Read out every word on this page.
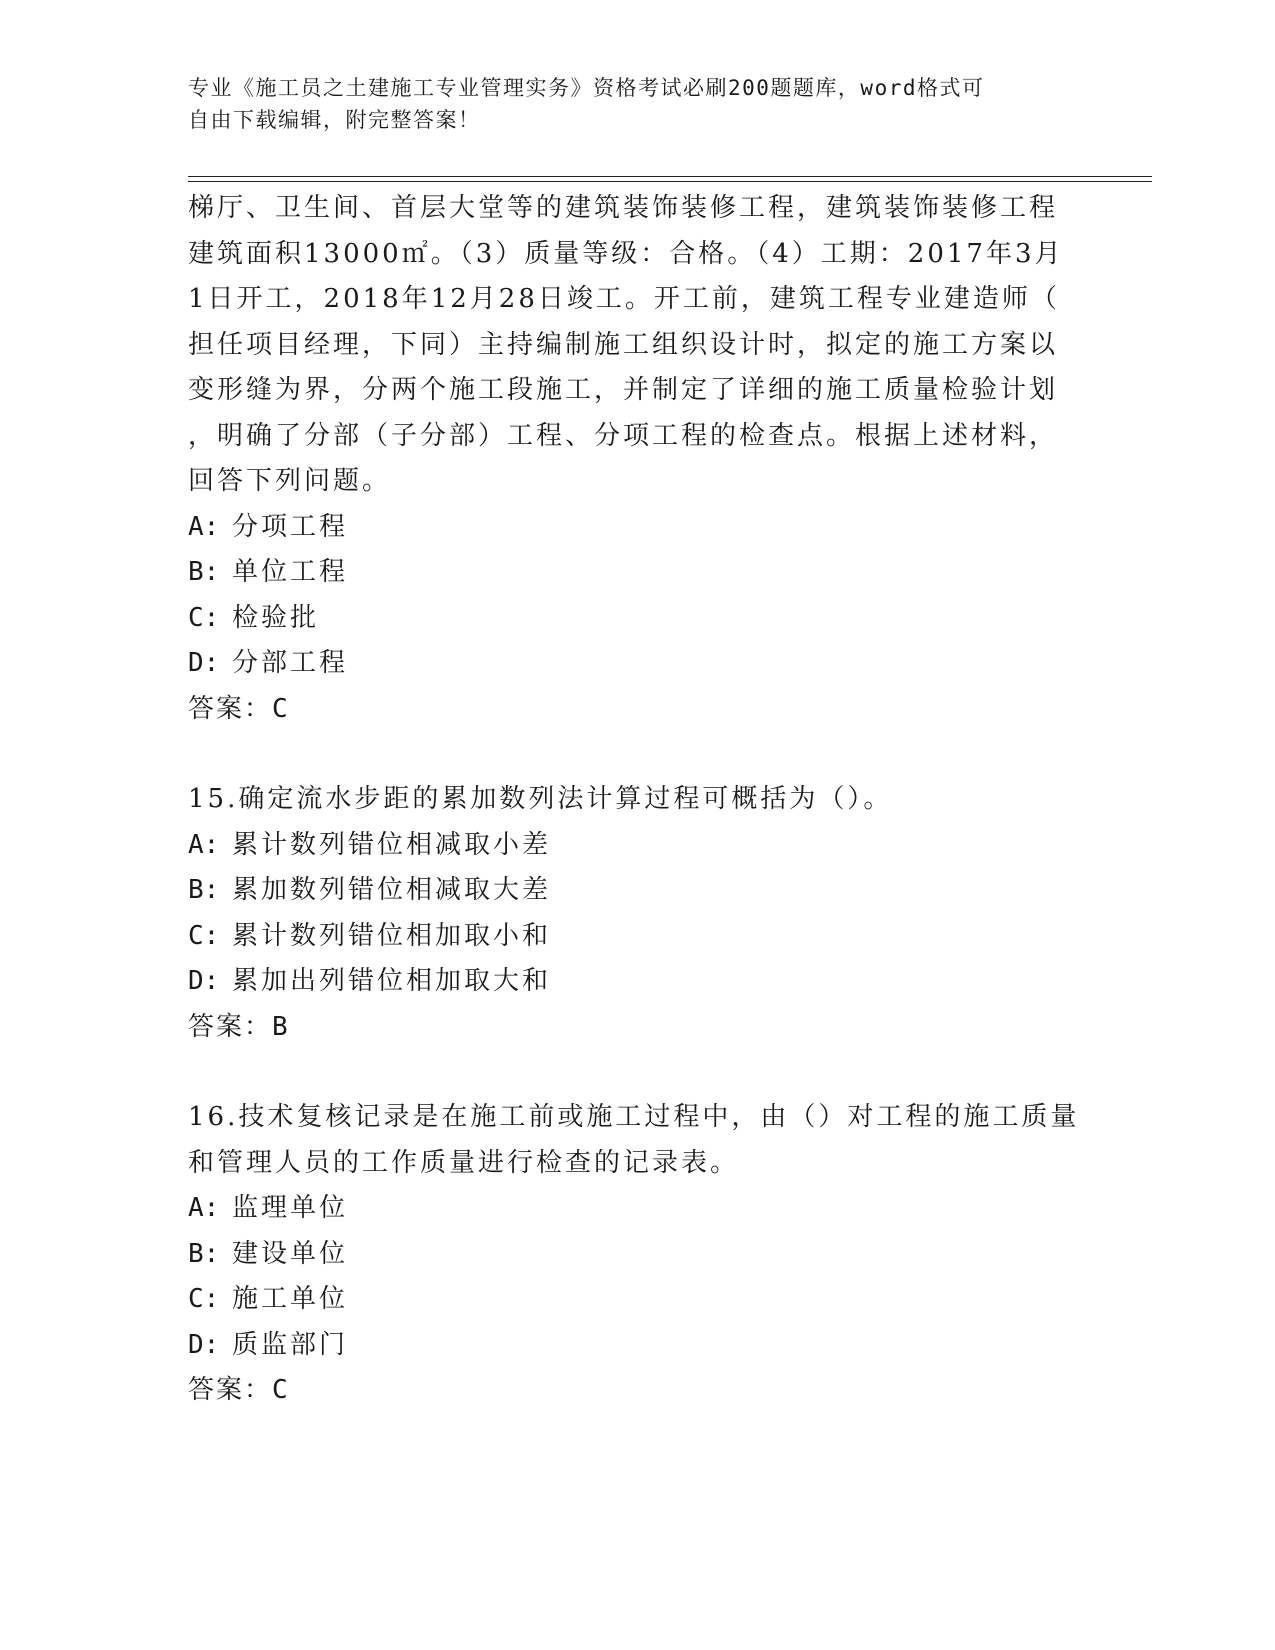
专业《施工员之土建施工专业管理实务》资格考试必刷200题题库，word格式可
自由下载编辑，附完整答案！
梯厅、卫生间、首层大堂等的建筑装饰装修工程，建筑装饰装修工程
建筑面积13000㎡。（3）质量等级：合格。（4）工期：2017年3月
1日开工，2018年12月28日竣工。开工前，建筑工程专业建造师（
担任项目经理，下同）主持编制施工组织设计时，拟定的施工方案以
变形缝为界，分两个施工段施工，并制定了详细的施工质量检验计划
，明确了分部（子分部）工程、分项工程的检查点。根据上述材料，
回答下列问题。
A: 分项工程
B: 单位工程
C: 检验批
D: 分部工程
答案：C
15.确定流水步距的累加数列法计算过程可概括为（）。
A: 累计数列错位相减取小差
B: 累加数列错位相减取大差
C: 累计数列错位相加取小和
D: 累加出列错位相加取大和
答案：B
16.技术复核记录是在施工前或施工过程中，由（）对工程的施工质量
和管理人员的工作质量进行检查的记录表。
A: 监理单位
B: 建设单位
C: 施工单位
D: 质监部门
答案：C
